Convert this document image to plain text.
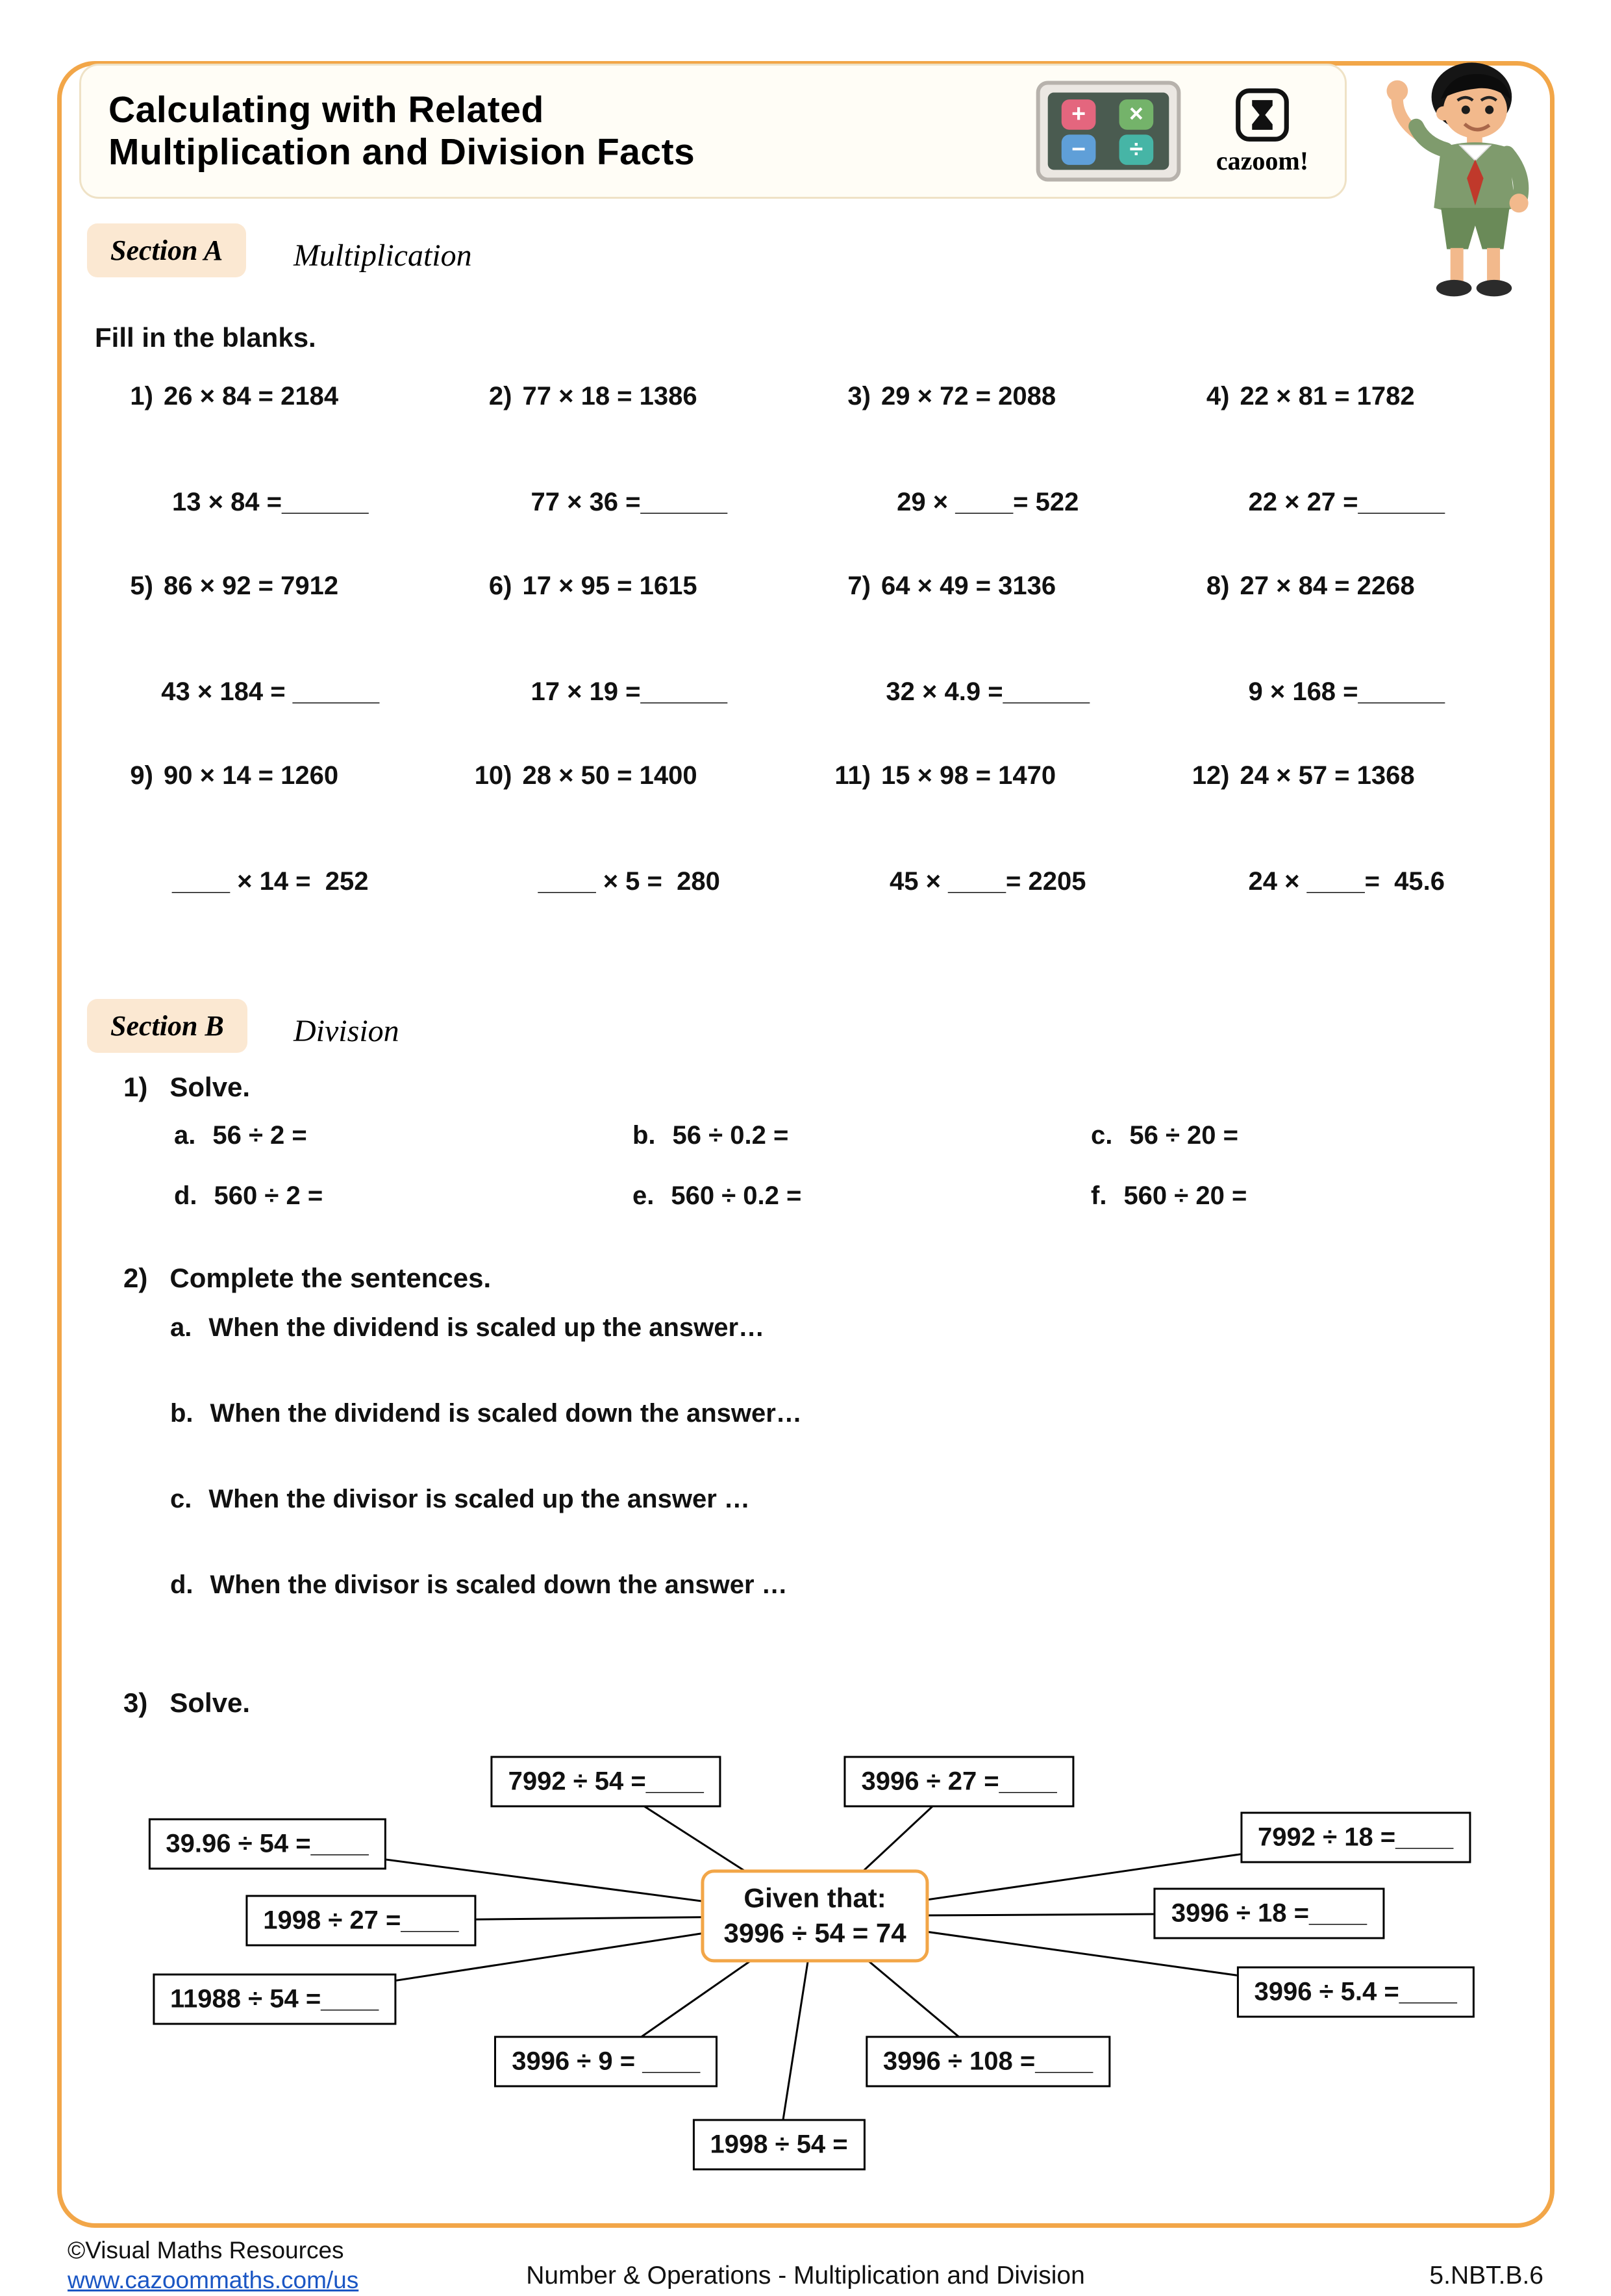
Calculating with Related
Multiplication and Division Facts
+	×
−	÷	cazoom!
Section A	Multiplication
Fill in the blanks.
1) 26 × 84 = 2184	2) 77 × 18 = 1386	3) 29 × 72 = 2088	4) 22 × 81 = 1782
13 × 84 =______	77 × 36 =______	29 × ____= 522	22 × 27 =______
5) 86 × 92 = 7912	6) 17 × 95 = 1615	7) 64 × 49 = 3136	8) 27 × 84 = 2268
43 × 184 = ______	17 × 19 =______	32 × 4.9 =______	9 × 168 =______
9) 90 × 14 = 1260	10) 28 × 50 = 1400	11) 15 × 98 = 1470	12) 24 × 57 = 1368
____ × 14 =  252	____ × 5 =  280	45 × ____= 2205	24 × ____=  45.6
Section B	Division
1) Solve.
a. 56 ÷ 2 =	b. 56 ÷ 0.2 =	c. 56 ÷ 20 =
d. 560 ÷ 2 =	e. 560 ÷ 0.2 =	f. 560 ÷ 20 =
2) Complete the sentences.
a. When the dividend is scaled up the answer…
b. When the dividend is scaled down the answer…
c. When the divisor is scaled up the answer …
d. When the divisor is scaled down the answer …
3) Solve.
7992 ÷ 54 =____	3996 ÷ 27 =____
39.96 ÷ 54 =____	7992 ÷ 18 =____
1998 ÷ 27 =____	3996 ÷ 18 =____
11988 ÷ 54 =____	3996 ÷ 5.4 =____
3996 ÷ 9 = ____	3996 ÷ 108 =____
1998 ÷ 54 =
Given that:
3996 ÷ 54 = 74
©Visual Maths Resources
www.cazoommaths.com/us	Number & Operations - Multiplication and Division	5.NBT.B.6
